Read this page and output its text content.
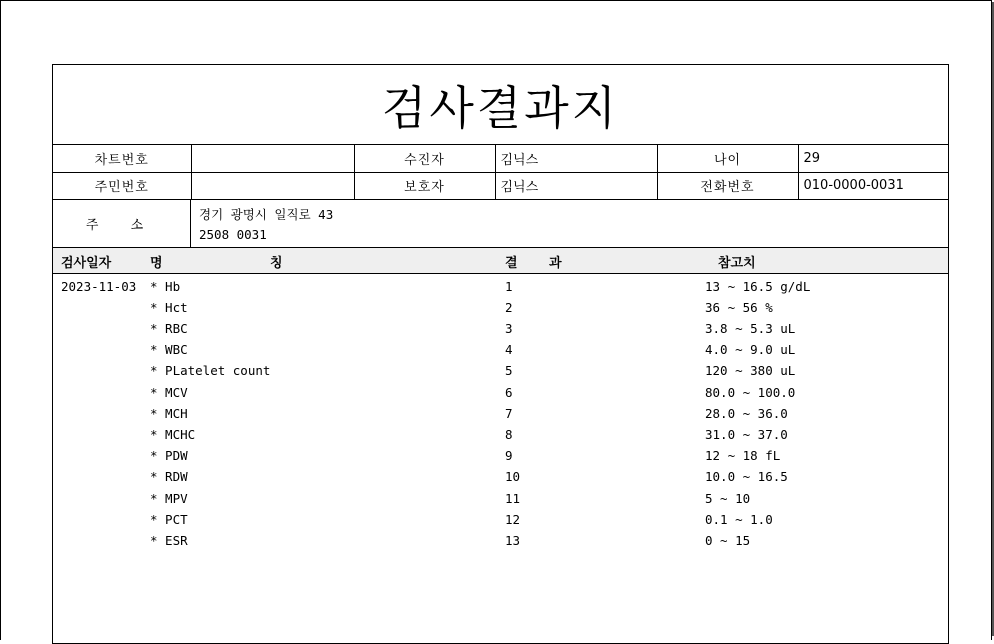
검사결과지
차트번호		수진자	김닉스	나이	29
주민번호		보호자	김닉스	전화번호	010-0000-0031
주 소
경기 광명시 일직로 43
2508 0031
검사일자	명	칭	결 과	참고치
2023-11-03 * Hb	1	13 ~ 16.5 g/dL
* Hct	2	36 ~ 56 %
* RBC	3	3.8 ~ 5.3 uL
* WBC	4	4.0 ~ 9.0 uL
* PLatelet count	5	120 ~ 380 uL
* MCV	6	80.0 ~ 100.0
* MCH	7	28.0 ~ 36.0
* MCHC	8	31.0 ~ 37.0
* PDW	9	12 ~ 18 fL
* RDW	10	10.0 ~ 16.5
* MPV	11	5 ~ 10
* PCT	12	0.1 ~ 1.0
* ESR	13	0 ~ 15
